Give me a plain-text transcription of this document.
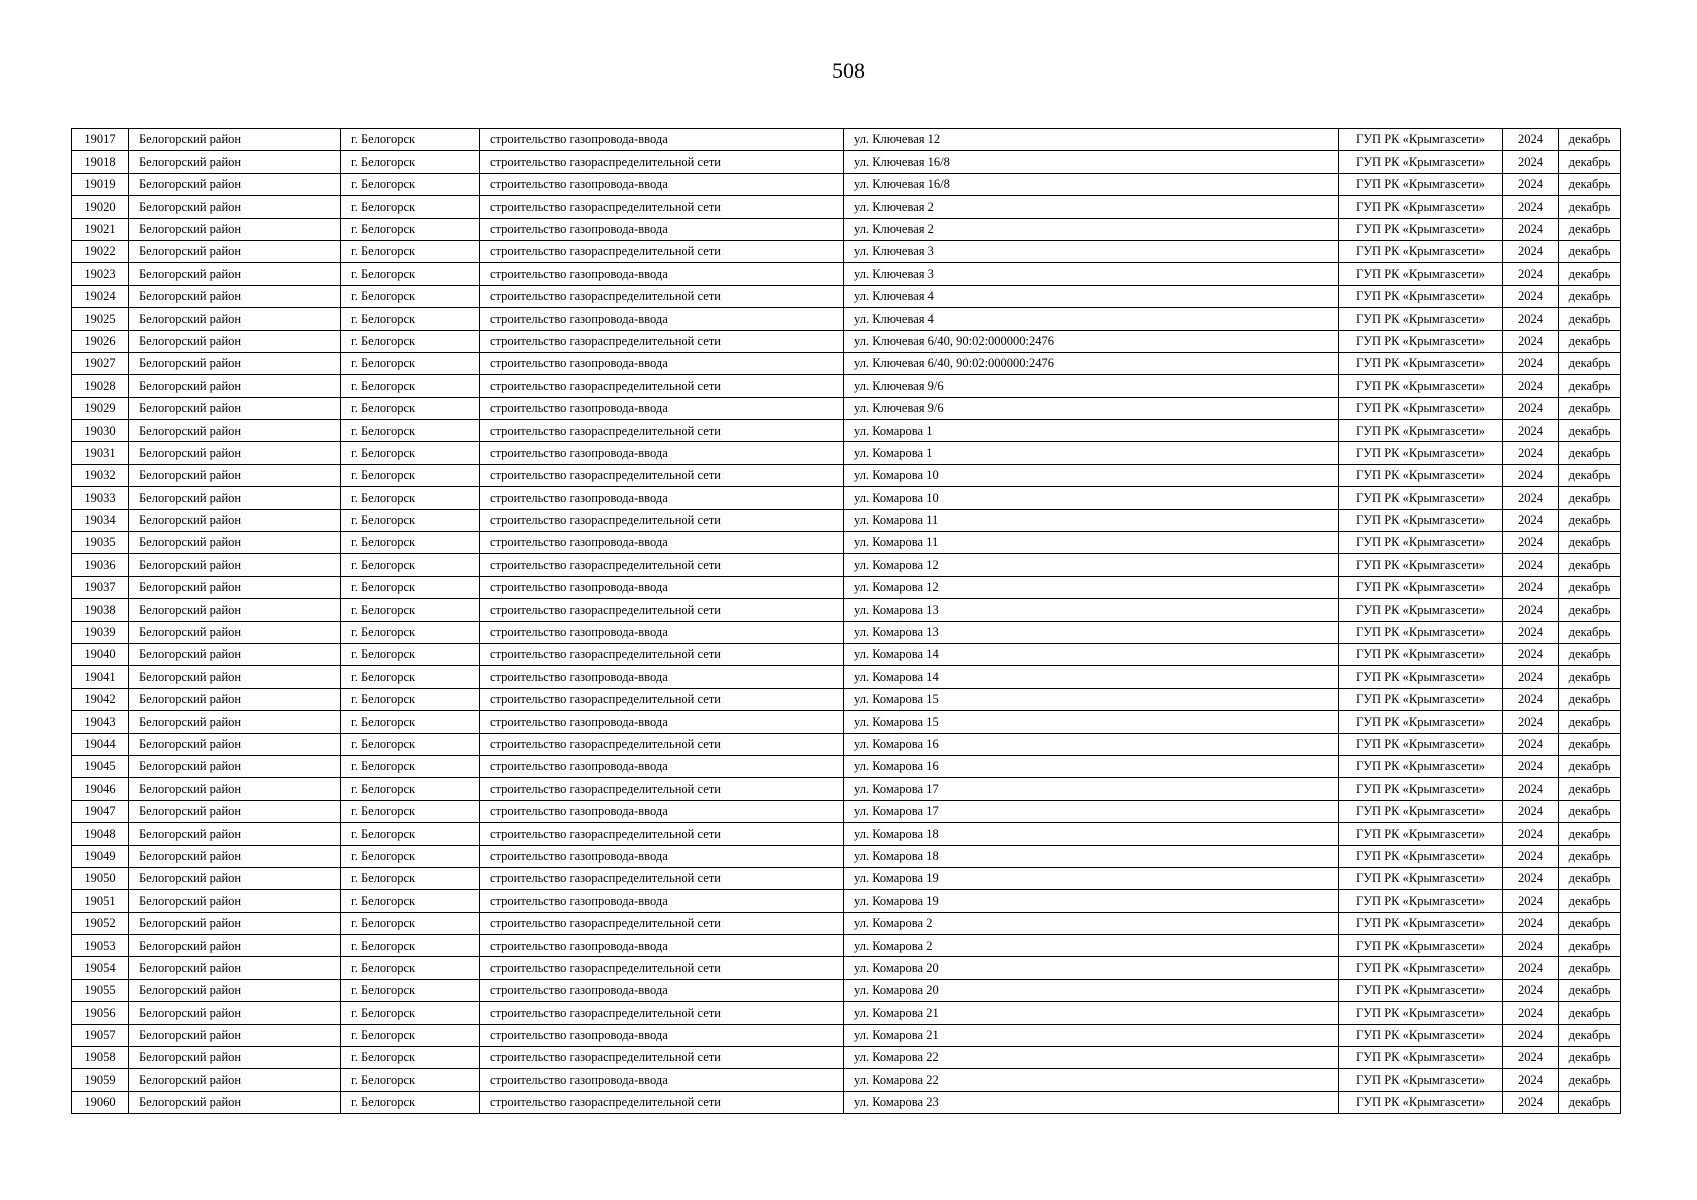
508
19017	Белогорский район	г. Белогорск	строительство газопровода-ввода	ул. Ключевая 12	ГУП РК «Крымгазсети»	2024	декабрь
19018	Белогорский район	г. Белогорск	строительство газораспределительной сети	ул. Ключевая 16/8	ГУП РК «Крымгазсети»	2024	декабрь
19019	Белогорский район	г. Белогорск	строительство газопровода-ввода	ул. Ключевая 16/8	ГУП РК «Крымгазсети»	2024	декабрь
19020	Белогорский район	г. Белогорск	строительство газораспределительной сети	ул. Ключевая 2	ГУП РК «Крымгазсети»	2024	декабрь
19021	Белогорский район	г. Белогорск	строительство газопровода-ввода	ул. Ключевая 2	ГУП РК «Крымгазсети»	2024	декабрь
19022	Белогорский район	г. Белогорск	строительство газораспределительной сети	ул. Ключевая 3	ГУП РК «Крымгазсети»	2024	декабрь
19023	Белогорский район	г. Белогорск	строительство газопровода-ввода	ул. Ключевая 3	ГУП РК «Крымгазсети»	2024	декабрь
19024	Белогорский район	г. Белогорск	строительство газораспределительной сети	ул. Ключевая 4	ГУП РК «Крымгазсети»	2024	декабрь
19025	Белогорский район	г. Белогорск	строительство газопровода-ввода	ул. Ключевая 4	ГУП РК «Крымгазсети»	2024	декабрь
19026	Белогорский район	г. Белогорск	строительство газораспределительной сети	ул. Ключевая 6/40, 90:02:000000:2476	ГУП РК «Крымгазсети»	2024	декабрь
19027	Белогорский район	г. Белогорск	строительство газопровода-ввода	ул. Ключевая 6/40, 90:02:000000:2476	ГУП РК «Крымгазсети»	2024	декабрь
19028	Белогорский район	г. Белогорск	строительство газораспределительной сети	ул. Ключевая 9/6	ГУП РК «Крымгазсети»	2024	декабрь
19029	Белогорский район	г. Белогорск	строительство газопровода-ввода	ул. Ключевая 9/6	ГУП РК «Крымгазсети»	2024	декабрь
19030	Белогорский район	г. Белогорск	строительство газораспределительной сети	ул. Комарова 1	ГУП РК «Крымгазсети»	2024	декабрь
19031	Белогорский район	г. Белогорск	строительство газопровода-ввода	ул. Комарова 1	ГУП РК «Крымгазсети»	2024	декабрь
19032	Белогорский район	г. Белогорск	строительство газораспределительной сети	ул. Комарова 10	ГУП РК «Крымгазсети»	2024	декабрь
19033	Белогорский район	г. Белогорск	строительство газопровода-ввода	ул. Комарова 10	ГУП РК «Крымгазсети»	2024	декабрь
19034	Белогорский район	г. Белогорск	строительство газораспределительной сети	ул. Комарова 11	ГУП РК «Крымгазсети»	2024	декабрь
19035	Белогорский район	г. Белогорск	строительство газопровода-ввода	ул. Комарова 11	ГУП РК «Крымгазсети»	2024	декабрь
19036	Белогорский район	г. Белогорск	строительство газораспределительной сети	ул. Комарова 12	ГУП РК «Крымгазсети»	2024	декабрь
19037	Белогорский район	г. Белогорск	строительство газопровода-ввода	ул. Комарова 12	ГУП РК «Крымгазсети»	2024	декабрь
19038	Белогорский район	г. Белогорск	строительство газораспределительной сети	ул. Комарова 13	ГУП РК «Крымгазсети»	2024	декабрь
19039	Белогорский район	г. Белогорск	строительство газопровода-ввода	ул. Комарова 13	ГУП РК «Крымгазсети»	2024	декабрь
19040	Белогорский район	г. Белогорск	строительство газораспределительной сети	ул. Комарова 14	ГУП РК «Крымгазсети»	2024	декабрь
19041	Белогорский район	г. Белогорск	строительство газопровода-ввода	ул. Комарова 14	ГУП РК «Крымгазсети»	2024	декабрь
19042	Белогорский район	г. Белогорск	строительство газораспределительной сети	ул. Комарова 15	ГУП РК «Крымгазсети»	2024	декабрь
19043	Белогорский район	г. Белогорск	строительство газопровода-ввода	ул. Комарова 15	ГУП РК «Крымгазсети»	2024	декабрь
19044	Белогорский район	г. Белогорск	строительство газораспределительной сети	ул. Комарова 16	ГУП РК «Крымгазсети»	2024	декабрь
19045	Белогорский район	г. Белогорск	строительство газопровода-ввода	ул. Комарова 16	ГУП РК «Крымгазсети»	2024	декабрь
19046	Белогорский район	г. Белогорск	строительство газораспределительной сети	ул. Комарова 17	ГУП РК «Крымгазсети»	2024	декабрь
19047	Белогорский район	г. Белогорск	строительство газопровода-ввода	ул. Комарова 17	ГУП РК «Крымгазсети»	2024	декабрь
19048	Белогорский район	г. Белогорск	строительство газораспределительной сети	ул. Комарова 18	ГУП РК «Крымгазсети»	2024	декабрь
19049	Белогорский район	г. Белогорск	строительство газопровода-ввода	ул. Комарова 18	ГУП РК «Крымгазсети»	2024	декабрь
19050	Белогорский район	г. Белогорск	строительство газораспределительной сети	ул. Комарова 19	ГУП РК «Крымгазсети»	2024	декабрь
19051	Белогорский район	г. Белогорск	строительство газопровода-ввода	ул. Комарова 19	ГУП РК «Крымгазсети»	2024	декабрь
19052	Белогорский район	г. Белогорск	строительство газораспределительной сети	ул. Комарова 2	ГУП РК «Крымгазсети»	2024	декабрь
19053	Белогорский район	г. Белогорск	строительство газопровода-ввода	ул. Комарова 2	ГУП РК «Крымгазсети»	2024	декабрь
19054	Белогорский район	г. Белогорск	строительство газораспределительной сети	ул. Комарова 20	ГУП РК «Крымгазсети»	2024	декабрь
19055	Белогорский район	г. Белогорск	строительство газопровода-ввода	ул. Комарова 20	ГУП РК «Крымгазсети»	2024	декабрь
19056	Белогорский район	г. Белогорск	строительство газораспределительной сети	ул. Комарова 21	ГУП РК «Крымгазсети»	2024	декабрь
19057	Белогорский район	г. Белогорск	строительство газопровода-ввода	ул. Комарова 21	ГУП РК «Крымгазсети»	2024	декабрь
19058	Белогорский район	г. Белогорск	строительство газораспределительной сети	ул. Комарова 22	ГУП РК «Крымгазсети»	2024	декабрь
19059	Белогорский район	г. Белогорск	строительство газопровода-ввода	ул. Комарова 22	ГУП РК «Крымгазсети»	2024	декабрь
19060	Белогорский район	г. Белогорск	строительство газораспределительной сети	ул. Комарова 23	ГУП РК «Крымгазсети»	2024	декабрь
